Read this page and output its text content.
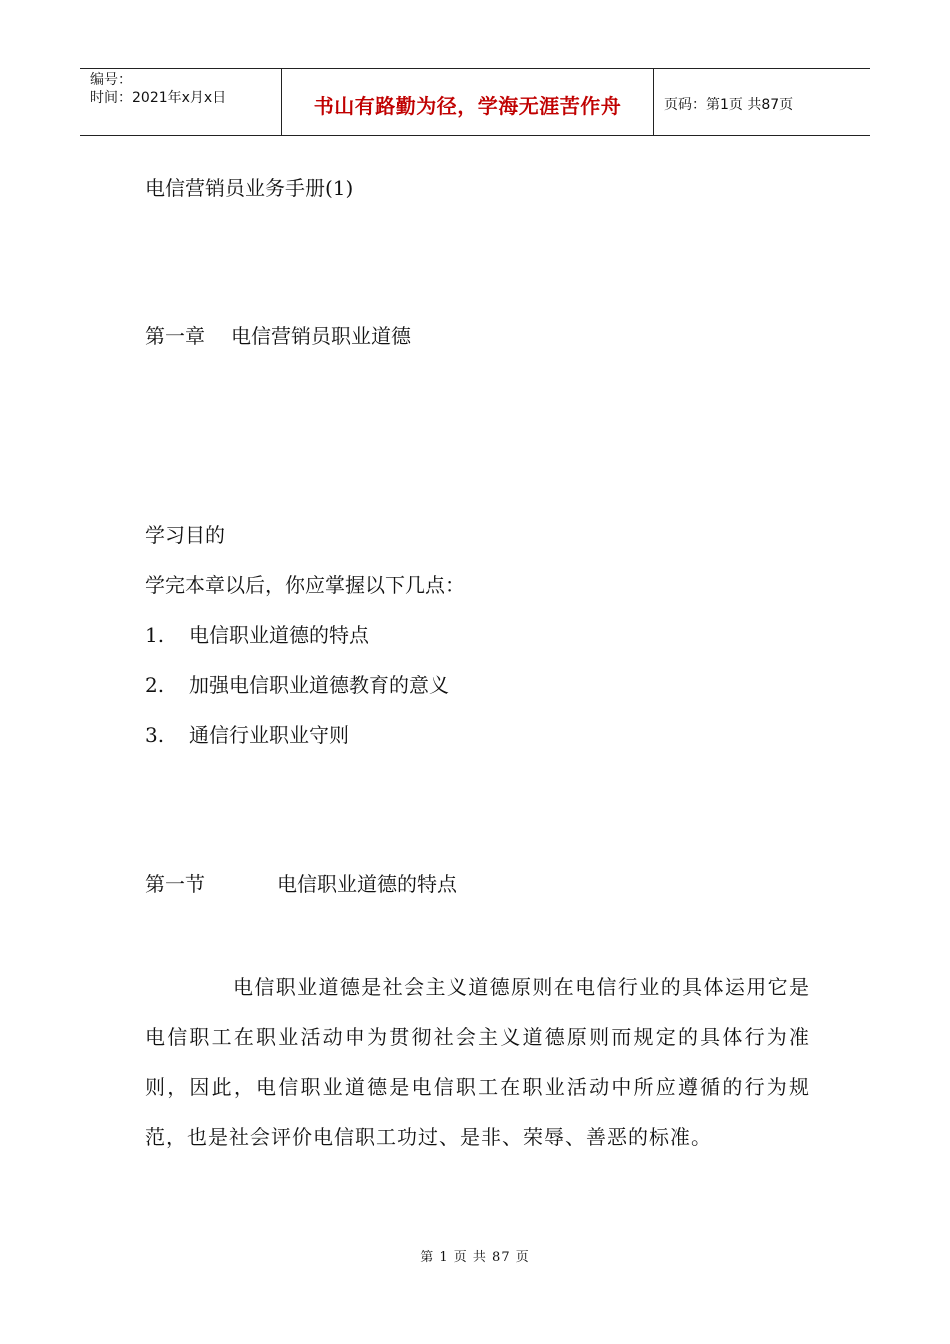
编号：
时间：2021年x月x日	书山有路勤为径，学海无涯苦作舟	页码：第1页 共87页
电信营销员业务手册(1)
第一章 电信营销员职业道德
学习目的
学完本章以后，你应掌握以下几点：
1. 电信职业道德的特点
2. 加强电信职业道德教育的意义
3. 通信行业职业守则
第一节	电信职业道德的特点
电信职业道德是社会主义道德原则在电信行业的具体运用它是电信职工在职业活动申为贯彻社会主义道德原则而规定的具体行为准则，因此，电信职业道德是电信职工在职业活动中所应遵循的行为规范，也是社会评价电信职工功过、是非、荣辱、善恶的标准。
第 1 页 共 87 页
